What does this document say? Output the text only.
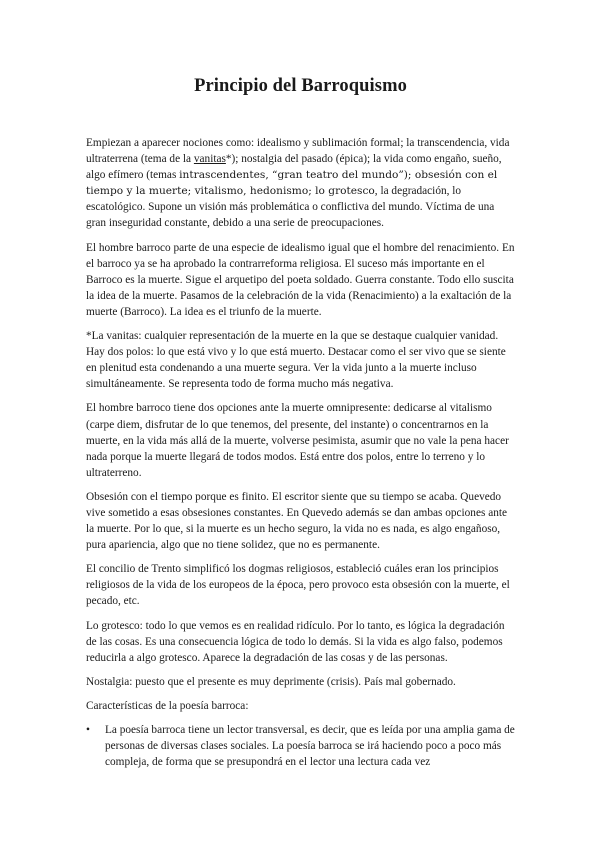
Principio del Barroquismo

Empiezan a aparecer nociones como: idealismo y sublimación formal; la transcendencia, vida ultraterrena (tema de la vanitas*); nostalgia del pasado (épica); la vida como engaño, sueño, algo efímero (temas intrascendentes, “gran teatro del mundo”); obsesión con el tiempo y la muerte; vitalismo, hedonismo; lo grotesco, la degradación, lo escatológico. Supone un visión más problemática o conflictiva del mundo. Víctima de una gran inseguridad constante, debido a una serie de preocupaciones.

El hombre barroco parte de una especie de idealismo igual que el hombre del renacimiento. En el barroco ya se ha aprobado la contrarreforma religiosa. El suceso más importante en el Barroco es la muerte. Sigue el arquetipo del poeta soldado. Guerra constante. Todo ello suscita la idea de la muerte. Pasamos de la celebración de la vida (Renacimiento) a la exaltación de la muerte (Barroco). La idea es el triunfo de la muerte.

*La vanitas: cualquier representación de la muerte en la que se destaque cualquier vanidad. Hay dos polos: lo que está vivo y lo que está muerto. Destacar como el ser vivo que se siente en plenitud esta condenando a una muerte segura. Ver la vida junto a la muerte incluso simultáneamente. Se representa todo de forma mucho más negativa.

El hombre barroco tiene dos opciones ante la muerte omnipresente: dedicarse al vitalismo (carpe diem, disfrutar de lo que tenemos, del presente, del instante) o concentrarnos en la muerte, en la vida más allá de la muerte, volverse pesimista, asumir que no vale la pena hacer nada porque la muerte llegará de todos modos. Está entre dos polos, entre lo terreno y lo ultraterreno.

Obsesión con el tiempo porque es finito. El escritor siente que su tiempo se acaba. Quevedo vive sometido a esas obsesiones constantes. En Quevedo además se dan ambas opciones ante la muerte. Por lo que, si la muerte es un hecho seguro, la vida no es nada, es algo engañoso, pura apariencia, algo que no tiene solidez, que no es permanente.

El concilio de Trento simplificó los dogmas religiosos, estableció cuáles eran los principios religiosos de la vida de los europeos de la época, pero provoco esta obsesión con la muerte, el pecado, etc.

Lo grotesco: todo lo que vemos es en realidad ridículo. Por lo tanto, es lógica la degradación de las cosas. Es una consecuencia lógica de todo lo demás. Si la vida es algo falso, podemos reducirla a algo grotesco. Aparece la degradación de las cosas y de las personas.

Nostalgia: puesto que el presente es muy deprimente (crisis). País mal gobernado.

Características de la poesía barroca:

• La poesía barroca tiene un lector transversal, es decir, que es leída por una amplia gama de personas de diversas clases sociales. La poesía barroca se irá haciendo poco a poco más compleja, de forma que se presupondrá en el lector una lectura cada vez
